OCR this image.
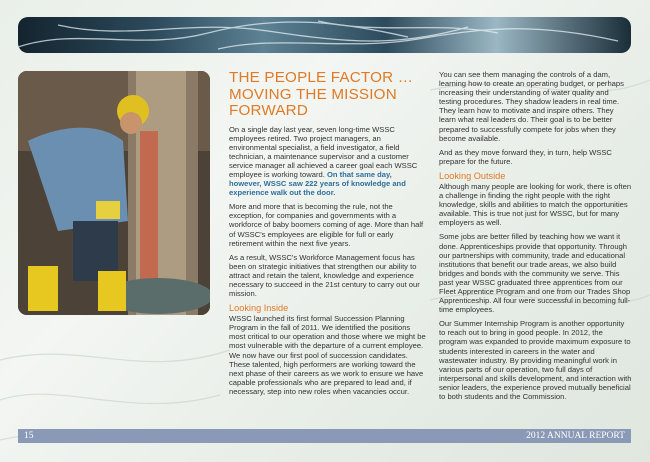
THE PEOPLE FACTOR … MOVING THE MISSION FORWARD

On a single day last year, seven long-time WSSC employees retired. Two project managers, an environmental specialist, a field investigator, a field technician, a maintenance supervisor and a customer service manager all achieved a career goal each WSSC employee is working toward. On that same day, however, WSSC saw 222 years of knowledge and experience walk out the door.

More and more that is becoming the rule, not the exception, for companies and governments with a workforce of baby boomers coming of age. More than half of WSSC's employees are eligible for full or early retirement within the next five years.

As a result, WSSC's Workforce Management focus has been on strategic initiatives that strengthen our ability to attract and retain the talent, knowledge and experience necessary to succeed in the 21st century to carry out our mission.

Looking Inside

WSSC launched its first formal Succession Planning Program in the fall of 2011. We identified the positions most critical to our operation and those where we might be most vulnerable with the departure of a current employee. We now have our first pool of succession candidates. These talented, high performers are working toward the next phase of their careers as we work to ensure we have capable professionals who are prepared to lead and, if necessary, step into new roles when vacancies occur.

You can see them managing the controls of a dam, learning how to create an operating budget, or perhaps increasing their understanding of water quality and testing procedures. They shadow leaders in real time. They learn how to motivate and inspire others. They learn what real leaders do. Their goal is to be better prepared to successfully compete for jobs when they become available.

And as they move forward they, in turn, help WSSC prepare for the future.

Looking Outside

Although many people are looking for work, there is often a challenge in finding the right people with the right knowledge, skills and abilities to match the opportunities available. This is true not just for WSSC, but for many employers as well.

Some jobs are better filled by teaching how we want it done. Apprenticeships provide that opportunity. Through our partnerships with community, trade and educational institutions that benefit our trade areas, we also build bridges and bonds with the community we serve. This past year WSSC graduated three apprentices from our Fleet Apprentice Program and one from our Trades Shop Apprenticeship. All four were successful in becoming full-time employees.

Our Summer Internship Program is another opportunity to reach out to bring in good people. In 2012, the program was expanded to provide maximum exposure to students interested in careers in the water and wastewater industry. By providing meaningful work in various parts of our operation, two full days of interpersonal and skills development, and interaction with senior leaders, the experience proved mutually beneficial to both students and the Commission.

15	2012 ANNUAL REPORT
